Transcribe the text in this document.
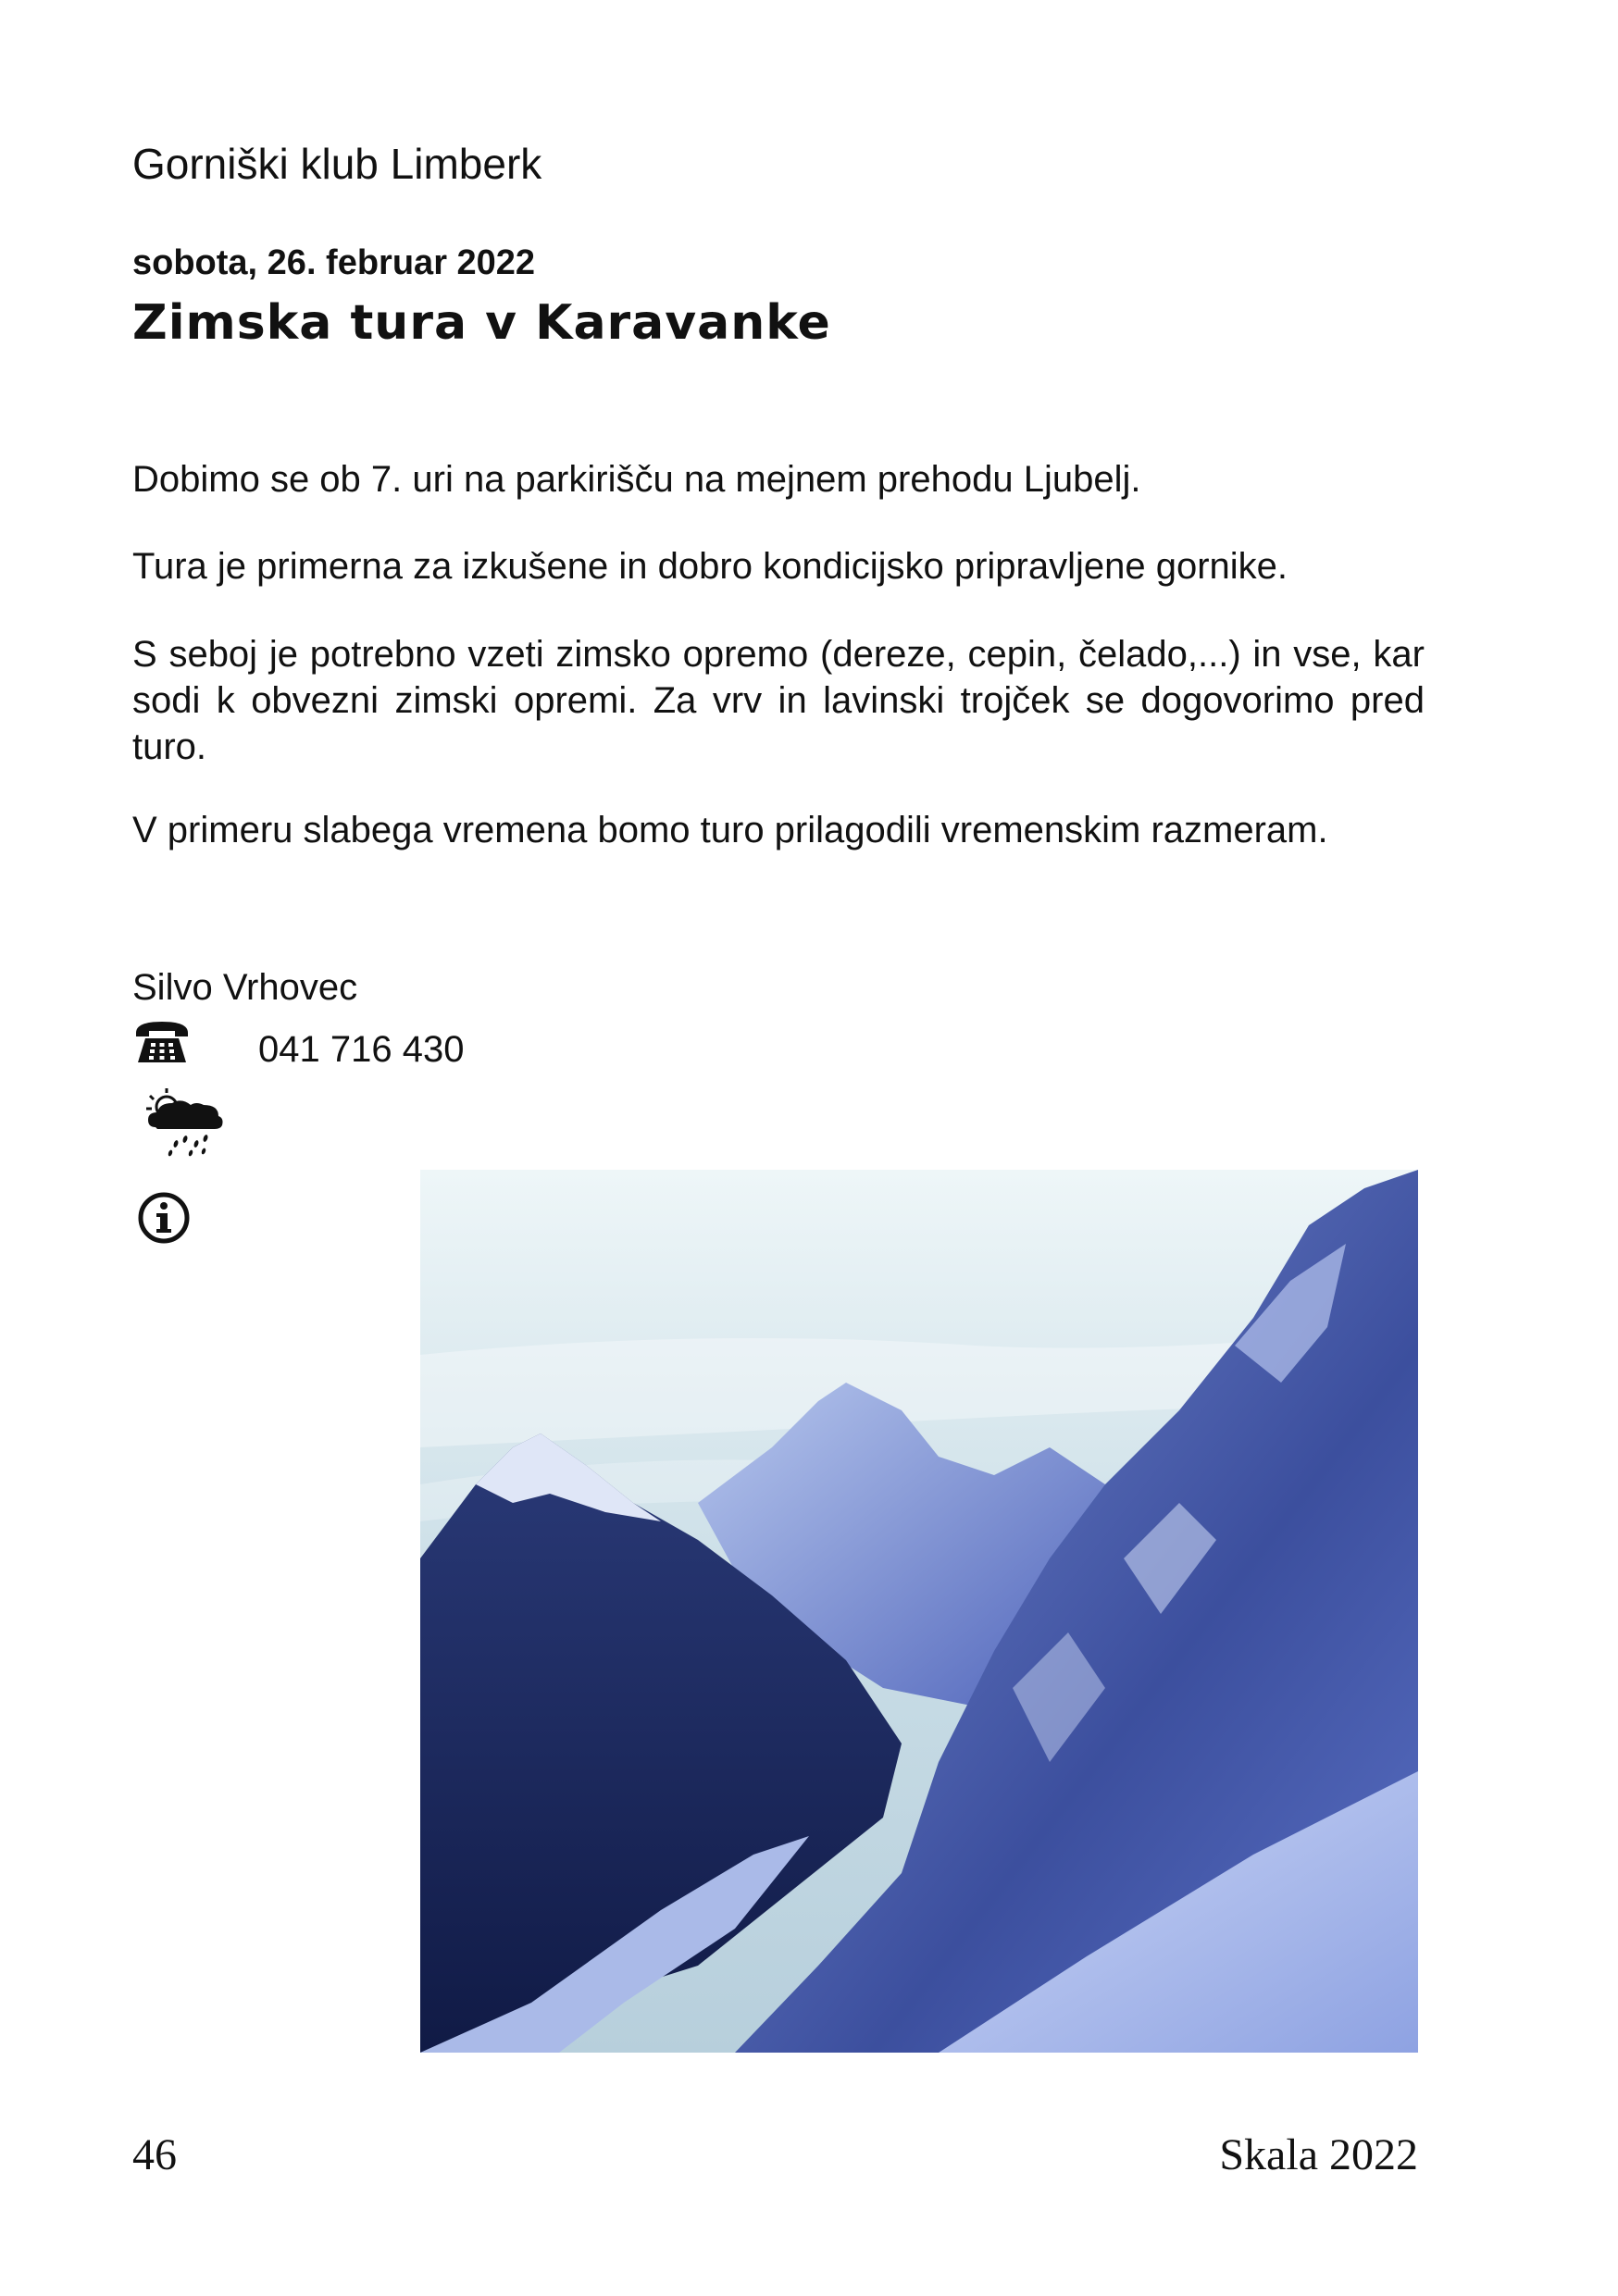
Gorniški klub Limberk
sobota, 26. februar 2022
Zimska tura v Karavanke

Dobimo se ob 7. uri na parkirišču na mejnem prehodu Ljubelj.

Tura je primerna za izkušene in dobro kondicijsko pripravljene gornike.

S seboj je potrebno vzeti zimsko opremo (dereze, cepin, čelado,...) in vse, kar sodi k obvezni zimski opremi. Za vrv in lavinski trojček se dogovorimo pred turo.

V primeru slabega vremena bomo turo prilagodili vremenskim razmeram.

Silvo Vrhovec
041 716 430
46	Skala 2022
